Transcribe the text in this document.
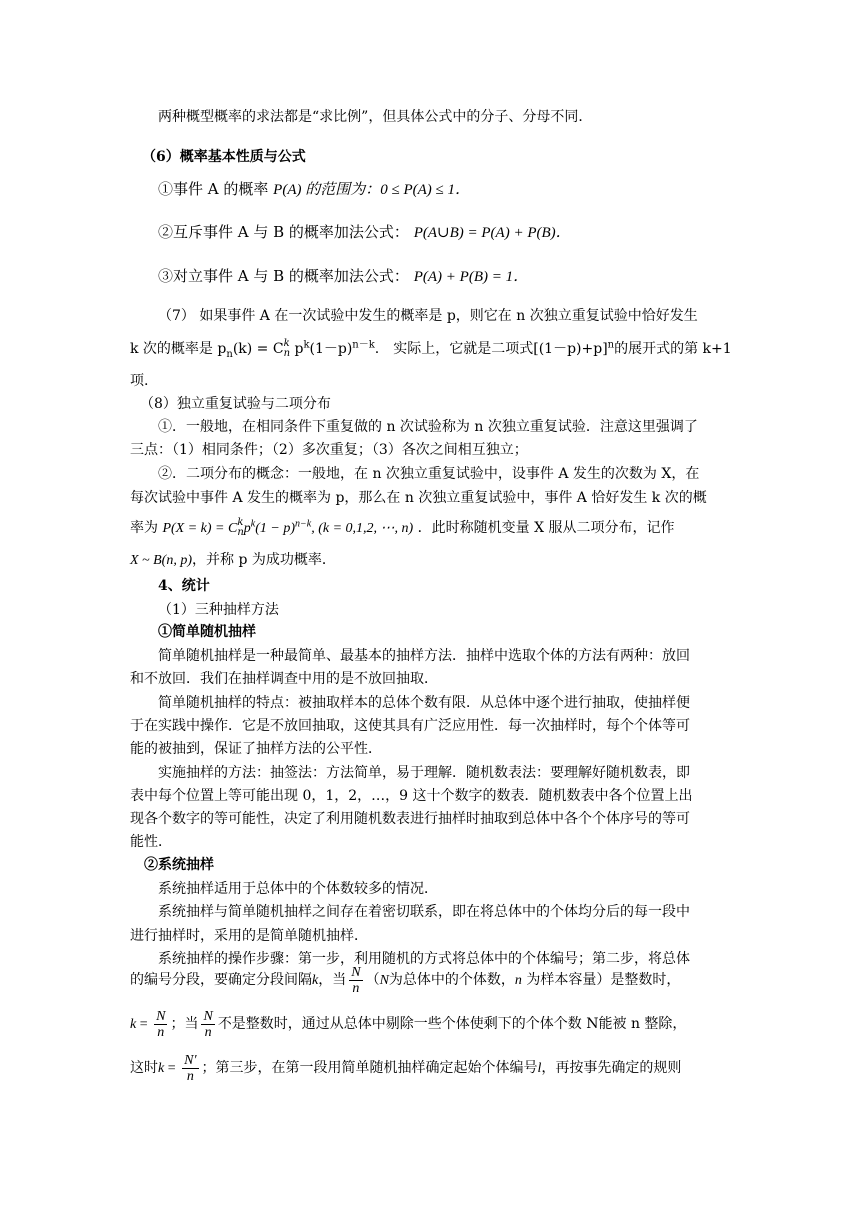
两种概型概率的求法都是“求比例”，但具体公式中的分子、分母不同．
（6）概率基本性质与公式
①事件 A 的概率 P(A) 的范围为：0 ≤ P(A) ≤ 1．
②互斥事件 A 与 B 的概率加法公式： P(A∪B) = P(A) + P(B)．
③对立事件 A 与 B 的概率加法公式： P(A) + P(B) = 1．
（7） 如果事件 A 在一次试验中发生的概率是 p，则它在 n 次独立重复试验中恰好发生
k 次的概率是 $p_n(k) = C$ k
n $p^k(1-p)^{n-k}$.　实际上，它就是二项式$[(1-p)+p]^n$的展开式的第 k+1
项.
（8）独立重复试验与二项分布
①．一般地，在相同条件下重复做的 n 次试验称为 n 次独立重复试验．注意这里强调了
三点：（1）相同条件；（2）多次重复；（3）各次之间相互独立；
②．二项分布的概念：一般地，在 n 次独立重复试验中，设事件 A 发生的次数为 X，在
每次试验中事件 A 发生的概率为 p，那么在 n 次独立重复试验中，事件 A 恰好发生 k 次的概
率为 P(X = k) = C k
n $p^k(1 - p)^{n-k}$, (k = 0,1,2, ⋯, n) ．此时称随机变量 X 服从二项分布，记作
X ~ B(n, p)，并称 p 为成功概率．
4、统计
（1）三种抽样方法
①简单随机抽样
简单随机抽样是一种最简单、最基本的抽样方法．抽样中选取个体的方法有两种：放回
和不放回．我们在抽样调查中用的是不放回抽取．
简单随机抽样的特点：被抽取样本的总体个数有限．从总体中逐个进行抽取，使抽样便
于在实践中操作．它是不放回抽取，这使其具有广泛应用性．每一次抽样时，每个个体等可
能的被抽到，保证了抽样方法的公平性．
实施抽样的方法：抽签法：方法简单，易于理解．随机数表法：要理解好随机数表，即
表中每个位置上等可能出现 0，1，2，…，9 这十个数字的数表．随机数表中各个位置上出
现各个数字的等可能性，决定了利用随机数表进行抽样时抽取到总体中各个个体序号的等可
能性．
②系统抽样
系统抽样适用于总体中的个体数较多的情况．
系统抽样与简单随机抽样之间存在着密切联系，即在将总体中的个体均分后的每一段中
进行抽样时，采用的是简单随机抽样．
系统抽样的操作步骤：第一步，利用随机的方式将总体中的个体编号；第二步，将总体
的编号分段，要确定分段间隔k，当 $\frac{N}{n} (N$为总体中的个体数，n 为样本容量）是整数时，
$k = \frac{N}{n}$ ；当 $\frac{N}{n}$ 不是整数时，通过从总体中剔除一些个体使剩下的个体个数 N能被 n 整除，
这时$k = \frac{N'}{n}$ ；第三步，在第一段用简单随机抽样确定起始个体编号l，再按事先确定的规则
